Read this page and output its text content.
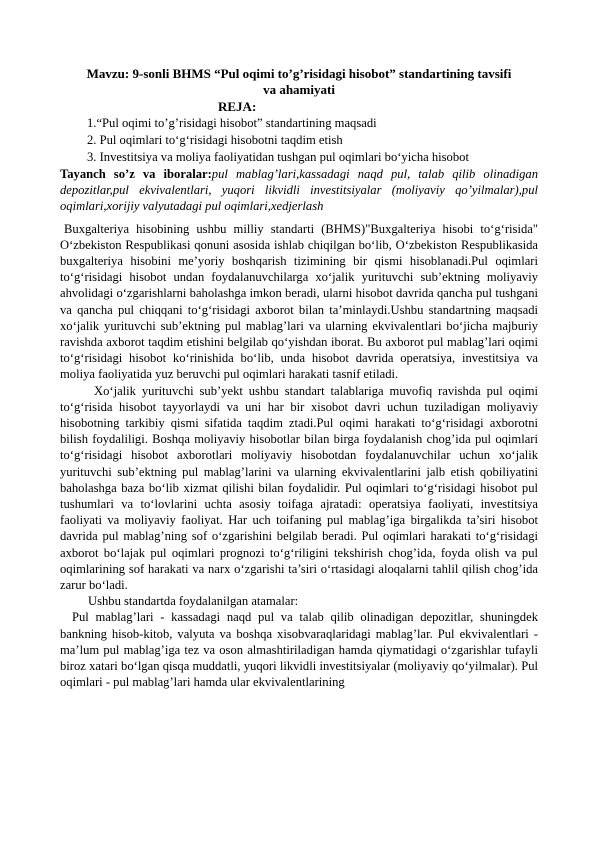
Mavzu: 9-sonli BHMS “Pul oqimi to’g’risidagi hisobot” standartining tavsifi

va ahamiyati

REJA:

1.“Pul oqimi to’g’risidagi hisobot” standartining maqsadi
2. Pul oqimlari to‘g‘risidagi hisobotni taqdim etish
3. Investitsiya va moliya faoliyatidan tushgan pul oqimlari bo‘yicha hisobot

Tayanch so’z va iboralar:pul mablag’lari,kassadagi naqd pul, talab qilib olinadigan depozitlar,pul ekvivalentlari, yuqori likvidli investitsiyalar (moliyaviy qo’yilmalar),pul oqimlari,xorijiy valyutadagi pul oqimlari,xedjerlash

Buxgalteriya hisobining ushbu milliy standarti (BHMS)"Buxgalteriya hisobi to‘g‘risida" O‘zbekiston Respublikasi qonuni asosida ishlab chiqilgan bo‘lib, O‘zbekiston Respublikasida buxgalteriya hisobini me’yoriy boshqarish tizimining bir qismi hisoblanadi.Pul oqimlari to‘g‘risidagi hisobot undan foydalanuvchilarga xo‘jalik yurituvchi sub’ektning moliyaviy ahvolidagi o‘zgarishlarni baholashga imkon beradi, ularni hisobot davrida qancha pul tushgani va qancha pul chiqqani to‘g‘risidagi axborot bilan ta’minlaydi.Ushbu standartning maqsadi xo‘jalik yurituvchi sub’ektning pul mablag’lari va ularning ekvivalentlari bo‘jicha majburiy ravishda axborot taqdim etishini belgilab qo‘yishdan iborat. Bu axborot pul mablag’lari oqimi to‘g‘risidagi hisobot ko‘rinishida bo‘lib, unda hisobot davrida operatsiya, investitsiya va moliya faoliyatida yuz beruvchi pul oqimlari harakati tasnif etiladi.

Xo‘jalik yurituvchi sub’yekt ushbu standart talablariga muvofiq ravishda pul oqimi to‘g‘risida hisobot tayyorlaydi va uni har bir xisobot davri uchun tuziladigan moliyaviy hisobotning tarkibiy qismi sifatida taqdim ztadi.Pul oqimi harakati to‘g‘risidagi axborotni bilish foydaliligi. Boshqa moliyaviy hisobotlar bilan birga foydalanish chog’ida pul oqimlari to‘g‘risidagi hisobot axborotlari moliyaviy hisobotdan foydalanuvchilar uchun xo‘jalik yurituvchi sub’ektning pul mablag’larini va ularning ekvivalentlarini jalb etish qobiliyatini baholashga baza bo‘lib xizmat qilishi bilan foydalidir. Pul oqimlari to‘g‘risidagi hisobot pul tushumlari va to‘lovlarini uchta asosiy toifaga ajratadi: operatsiya faoliyati, investitsiya faoliyati va moliyaviy faoliyat. Har uch toifaning pul mablag’iga birgalikda ta’siri hisobot davrida pul mablag’ning sof o‘zgarishini belgilab beradi. Pul oqimlari harakati to‘g‘risidagi axborot bo‘lajak pul oqimlari prognozi to‘g‘riligini tekshirish chog’ida, foyda olish va pul oqimlarining sof harakati va narx o‘zgarishi ta’siri o‘rtasidagi aloqalarni tahlil qilish chog’ida zarur bo‘ladi.

Ushbu standartda foydalanilgan atamalar:

Pul mablag’lari - kassadagi naqd pul va talab qilib olinadigan depozitlar, shuningdek bankning hisob-kitob, valyuta va boshqa xisobvaraqlaridagi mablag’lar. Pul ekvivalentlari - ma’lum pul mablag’iga tez va oson almashtiriladigan hamda qiymatidagi o‘zgarishlar tufayli biroz xatari bo‘lgan qisqa muddatli, yuqori likvidli investitsiyalar (moliyaviy qo‘yilmalar). Pul oqimlari - pul mablag’lari hamda ular ekvivalentlarining
